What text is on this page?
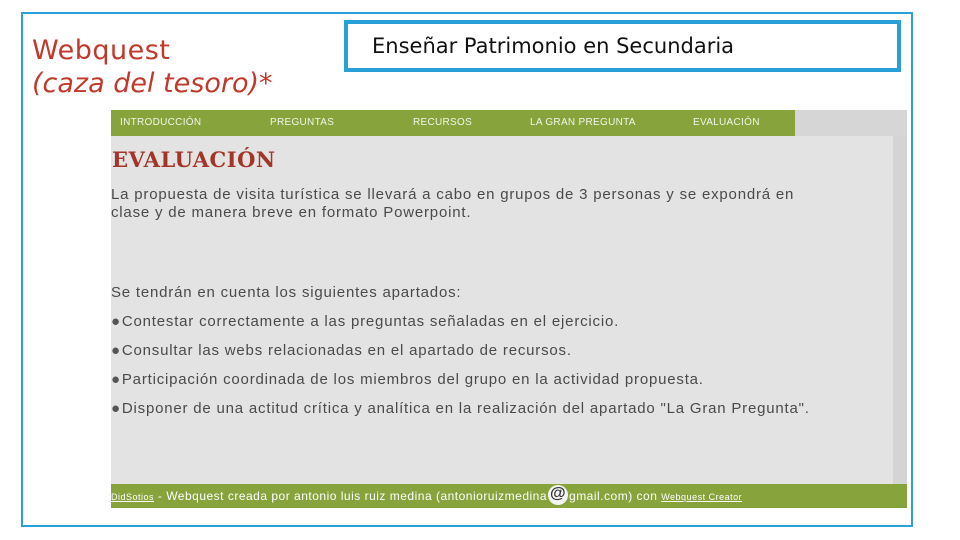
Webquest
(caza del tesoro)*
Enseñar Patrimonio en Secundaria
INTRODUCCIÓN	PREGUNTAS	RECURSOS	LA GRAN PREGUNTA	EVALUACIÓN
EVALUACIÓN
La propuesta de visita turística se llevará a cabo en grupos de 3 personas y se expondrá en
clase y de manera breve en formato Powerpoint.
Se tendrán en cuenta los siguientes apartados:
●Contestar correctamente a las preguntas señaladas en el ejercicio.
●Consultar las webs relacionadas en el apartado de recursos.
●Participación coordinada de los miembros del grupo en la actividad propuesta.
●Disponer de una actitud crítica y analítica en la realización del apartado "La Gran Pregunta".
DidSotios - Webquest creada por antonio luis ruiz medina (antonioruizmedina @ gmail.com) con Webquest Creator
